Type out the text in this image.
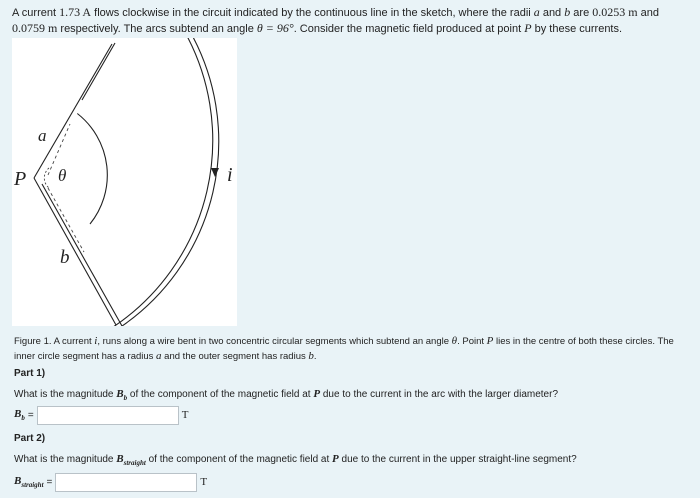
A current 1.73 A flows clockwise in the circuit indicated by the continuous line in the sketch, where the radii a and b are 0.0253 m and 0.0759 m respectively. The arcs subtend an angle θ = 96°. Consider the magnetic field produced at point P by these currents.
a
P θ	i
b
Figure 1. A current i, runs along a wire bent in two concentric circular segments which subtend an angle θ. Point P lies in the centre of both these circles. The inner circle segment has a radius a and the outer segment has radius b.
Part 1)
What is the magnitude $B_b$ of the component of the magnetic field at P due to the current in the arc with the larger diameter?
$B_b$ =	T
Part 2)
What is the magnitude $B_{straight}$ of the component of the magnetic field at P due to the current in the upper straight-line segment?
$B_{straight}$ =	T
